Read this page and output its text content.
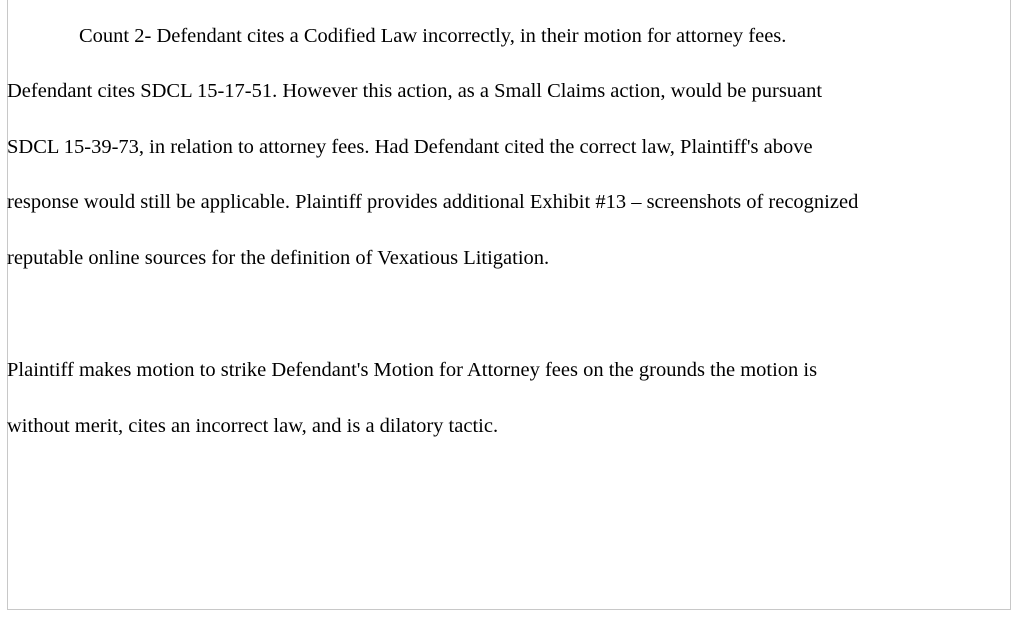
Count 2- Defendant cites a Codified Law incorrectly, in their motion for attorney fees.
Defendant cites SDCL 15-17-51. However this action, as a Small Claims action, would be pursuant
SDCL 15-39-73, in relation to attorney fees. Had Defendant cited the correct law, Plaintiff's above
response would still be applicable. Plaintiff provides additional Exhibit #13 – screenshots of recognized
reputable online sources for the definition of Vexatious Litigation.
Plaintiff makes motion to strike Defendant's Motion for Attorney fees on the grounds the motion is
without merit, cites an incorrect law, and is a dilatory tactic.
